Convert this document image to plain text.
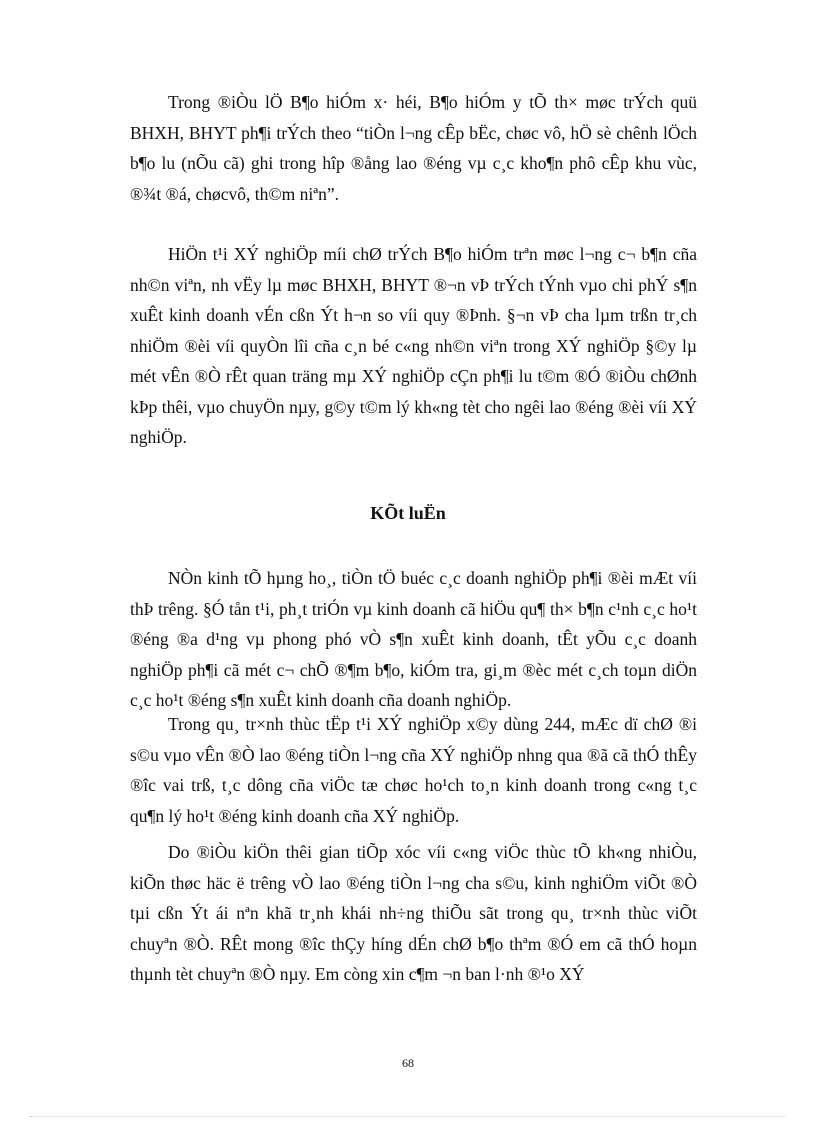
Trong ®iÒu lÖ B¶o hiÓm x· héi, B¶o hiÓm y tÕ th× møc trÝch quü BHXH, BHYT ph¶i trÝch theo “tiÒn l¬ng cÊp bËc, chøc vô, hÖ sè chênh lÖch b¶o lu (nÕu cã) ghi trong hîp ®ång lao ®éng vµ c¸c kho¶n phô cÊp khu vùc, ®¾t ®á, chøcvô, th©m niªn”.

HiÖn t¹i XÝ nghiÖp míi chØ trÝch B¶o hiÓm trªn møc l¬ng c¬ b¶n cña nh©n viªn, nh vËy lµ møc BHXH, BHYT ®¬n vÞ trÝch tÝnh vµo chi phÝ s¶n xuÊt kinh doanh vÉn cßn Ýt h¬n so víi quy ®Þnh. §¬n vÞ cha lµm trßn tr¸ch nhiÖm ®èi víi quyÒn lîi cña c¸n bé c«ng nh©n viªn trong XÝ nghiÖp §©y lµ mét vÊn ®Ò rÊt quan träng mµ XÝ nghiÖp cÇn ph¶i lu t©m ®Ó ®iÒu chØnh kÞp thêi, vµo chuyÖn nµy, g©y t©m lý kh«ng tèt cho ngêi lao ®éng ®èi víi XÝ nghiÖp.

KÕt luËn

NÒn kinh tÕ hµng ho¸, tiÒn tÖ buéc c¸c doanh nghiÖp ph¶i ®èi mÆt víi thÞ trêng. §Ó tån t¹i, ph¸t triÓn vµ kinh doanh cã hiÖu qu¶ th× b¶n c¹nh c¸c ho¹t ®éng ®a d¹ng vµ phong phó vÒ s¶n xuÊt kinh doanh, tÊt yÕu c¸c doanh nghiÖp ph¶i cã mét c¬ chÕ ®¶m b¶o, kiÓm tra, gi¸m ®èc mét c¸ch toµn diÖn c¸c ho¹t ®éng s¶n xuÊt kinh doanh cña doanh nghiÖp.

Trong qu¸ tr×nh thùc tËp t¹i XÝ nghiÖp x©y dùng 244, mÆc dï chØ ®i s©u vµo vÊn ®Ò lao ®éng tiÒn l¬ng cña XÝ nghiÖp nhng qua ®ã cã thÓ thÊy ®îc vai trß, t¸c dông cña viÖc tæ chøc ho¹ch to¸n kinh doanh trong c«ng t¸c qu¶n lý ho¹t ®éng kinh doanh cña XÝ nghiÖp.

Do ®iÒu kiÖn thêi gian tiÕp xóc víi c«ng viÖc thùc tÕ kh«ng nhiÒu, kiÕn thøc häc ë trêng vÒ lao ®éng tiÒn l¬ng cha s©u, kinh nghiÖm viÕt ®Ò tµi cßn Ýt ái nªn khã tr¸nh khái nh÷ng thiÕu sãt trong qu¸ tr×nh thùc viÕt chuyªn ®Ò. RÊt mong ®îc thÇy híng dÉn chØ b¶o thªm ®Ó em cã thÓ hoµn thµnh tèt chuyªn ®Ò nµy. Em còng xin c¶m ¬n ban l·nh ®¹o XÝ

68
